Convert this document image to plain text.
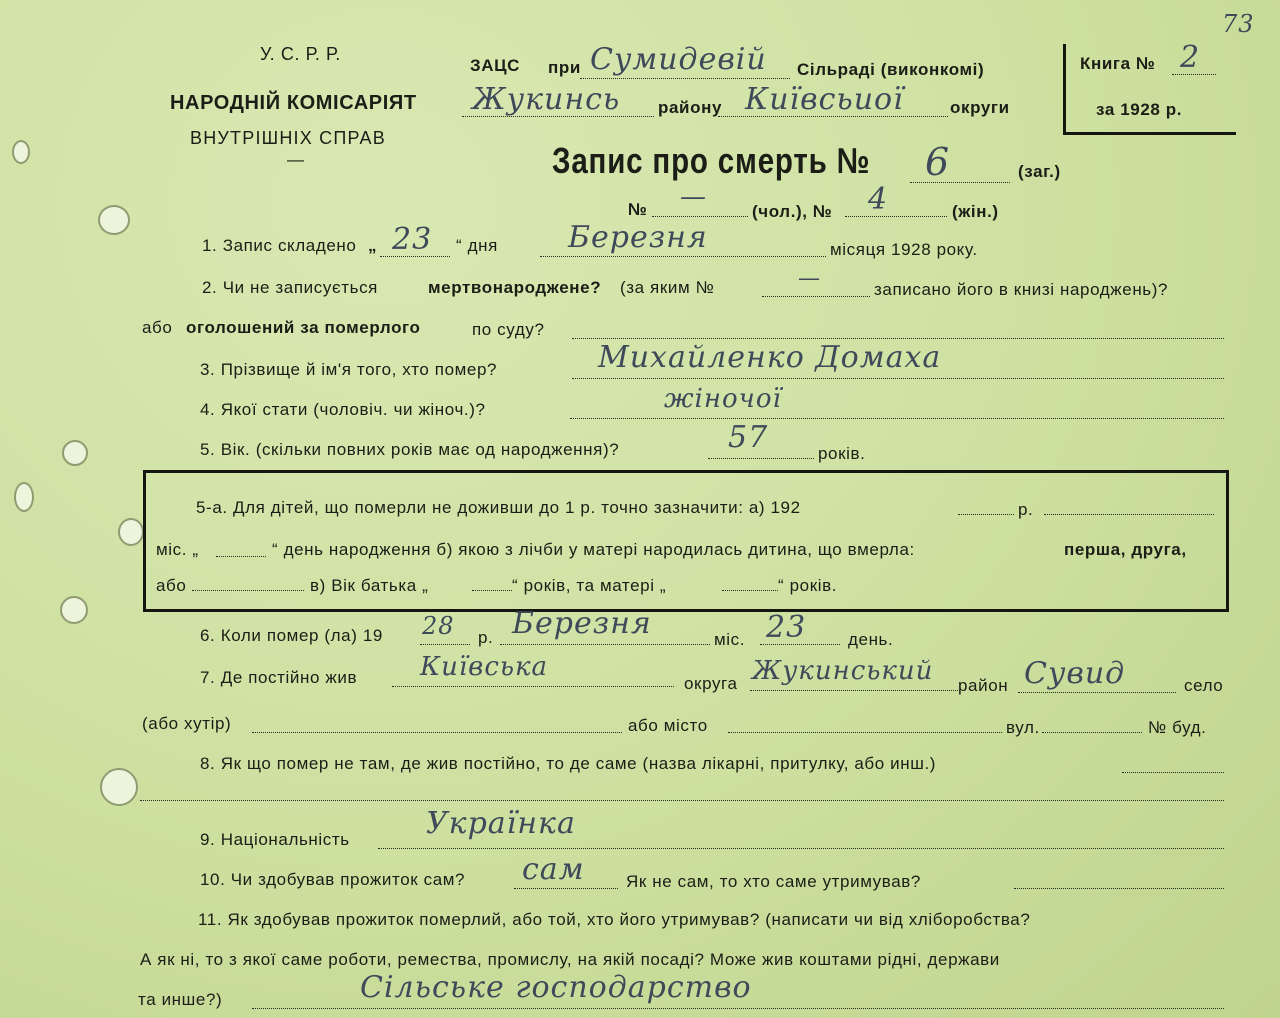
У. С. Р. Р.
НАРОДНІЙ КОМІСАРІЯТ
ВНУТРІШНІХ СПРАВ
—
ЗАЦС при Сумидевій Сільраді (виконкомі)
Жукинсь району Київсьиої	округи
Книга № 2
за 1928 р.
73
Запис про смерть № 6	(заг.)
№ —	(чол.), № 4	(жін.)
1. Запис складено „ 23 “ дня Березня	місяця 1928 року.
2. Чи не записується	мертвонароджене? (за яким №	—	записано його в книзі народжень)?
або оголошений за померлого	по суду?
3. Прізвище й ім'я того, хто помер?	Михайленко Домаха
4. Якої стати (чоловіч. чи жіноч.)?	жіночої
5. Вік. (скільки повних років має од народження)?	57	років.
5-а. Для дітей, що померли не доживши до 1 р. точно зазначити: а) 192	р.
міс. „	“ день народження б) якою з лічби у матері народилась дитина, що вмерла:	перша, друга,
або	в) Вік батька „	“ років, та матері „	“ років.
6. Коли помер (ла) 19 28 р. Березня	міс. 23 день.
7. Де постійно жив Київська
округа Жукинський район Сувид	село
(або хутір)	або місто	вул.	№ буд.
8. Як що помер не там, де жив постійно, то де саме (назва лікарні, притулку, або инш.)
9. Національність	Українка
10. Чи здобував прожиток сам? сам Як не сам, то хто саме утримував?
11. Як здобував прожиток померлий, або той, хто його утримував? (написати чи від хліборобства?
А як ні, то з якої саме роботи, ремества, промислу, на якій посаді? Може жив коштами рідні, держави
та инше?)	Сільське господарство
